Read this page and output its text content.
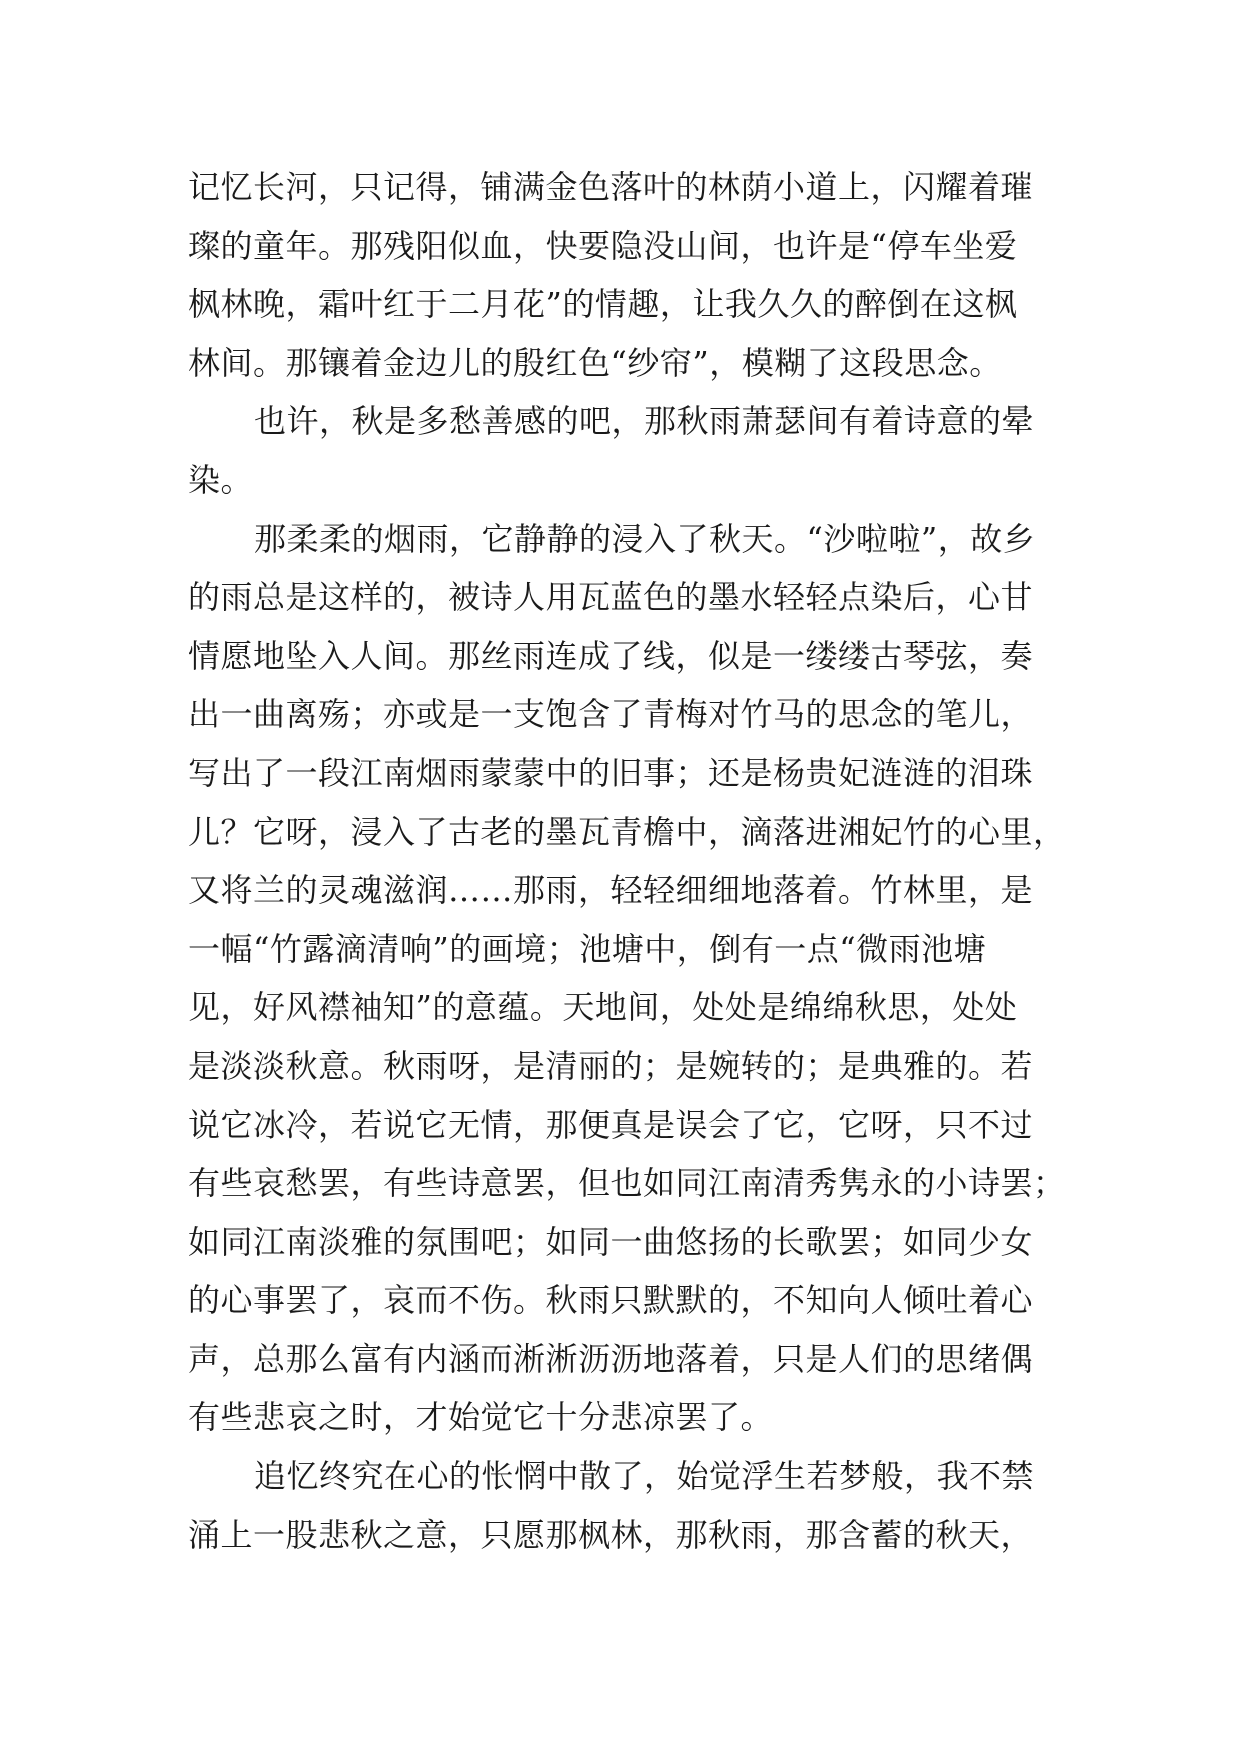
记忆长河，只记得，铺满金色落叶的林荫小道上，闪耀着璀
璨的童年。那残阳似血，快要隐没山间，也许是“停车坐爱
枫林晚，霜叶红于二月花”的情趣，让我久久的醉倒在这枫
林间。那镶着金边儿的殷红色“纱帘”，模糊了这段思念。
也许，秋是多愁善感的吧，那秋雨萧瑟间有着诗意的晕
染。
那柔柔的烟雨，它静静的浸入了秋天。“沙啦啦”，故乡
的雨总是这样的，被诗人用瓦蓝色的墨水轻轻点染后，心甘
情愿地坠入人间。那丝雨连成了线，似是一缕缕古琴弦，奏
出一曲离殇；亦或是一支饱含了青梅对竹马的思念的笔儿，
写出了一段江南烟雨蒙蒙中的旧事；还是杨贵妃涟涟的泪珠
儿？它呀，浸入了古老的墨瓦青檐中，滴落进湘妃竹的心里，
又将兰的灵魂滋润……那雨，轻轻细细地落着。竹林里，是
一幅“竹露滴清响”的画境；池塘中，倒有一点“微雨池塘
见，好风襟袖知”的意蕴。天地间，处处是绵绵秋思，处处
是淡淡秋意。秋雨呀，是清丽的；是婉转的；是典雅的。若
说它冰冷，若说它无情，那便真是误会了它，它呀，只不过
有些哀愁罢，有些诗意罢，但也如同江南清秀隽永的小诗罢；
如同江南淡雅的氛围吧；如同一曲悠扬的长歌罢；如同少女
的心事罢了，哀而不伤。秋雨只默默的，不知向人倾吐着心
声，总那么富有内涵而淅淅沥沥地落着，只是人们的思绪偶
有些悲哀之时，才始觉它十分悲凉罢了。
追忆终究在心的怅惘中散了，始觉浮生若梦般，我不禁
涌上一股悲秋之意，只愿那枫林，那秋雨，那含蓄的秋天，
